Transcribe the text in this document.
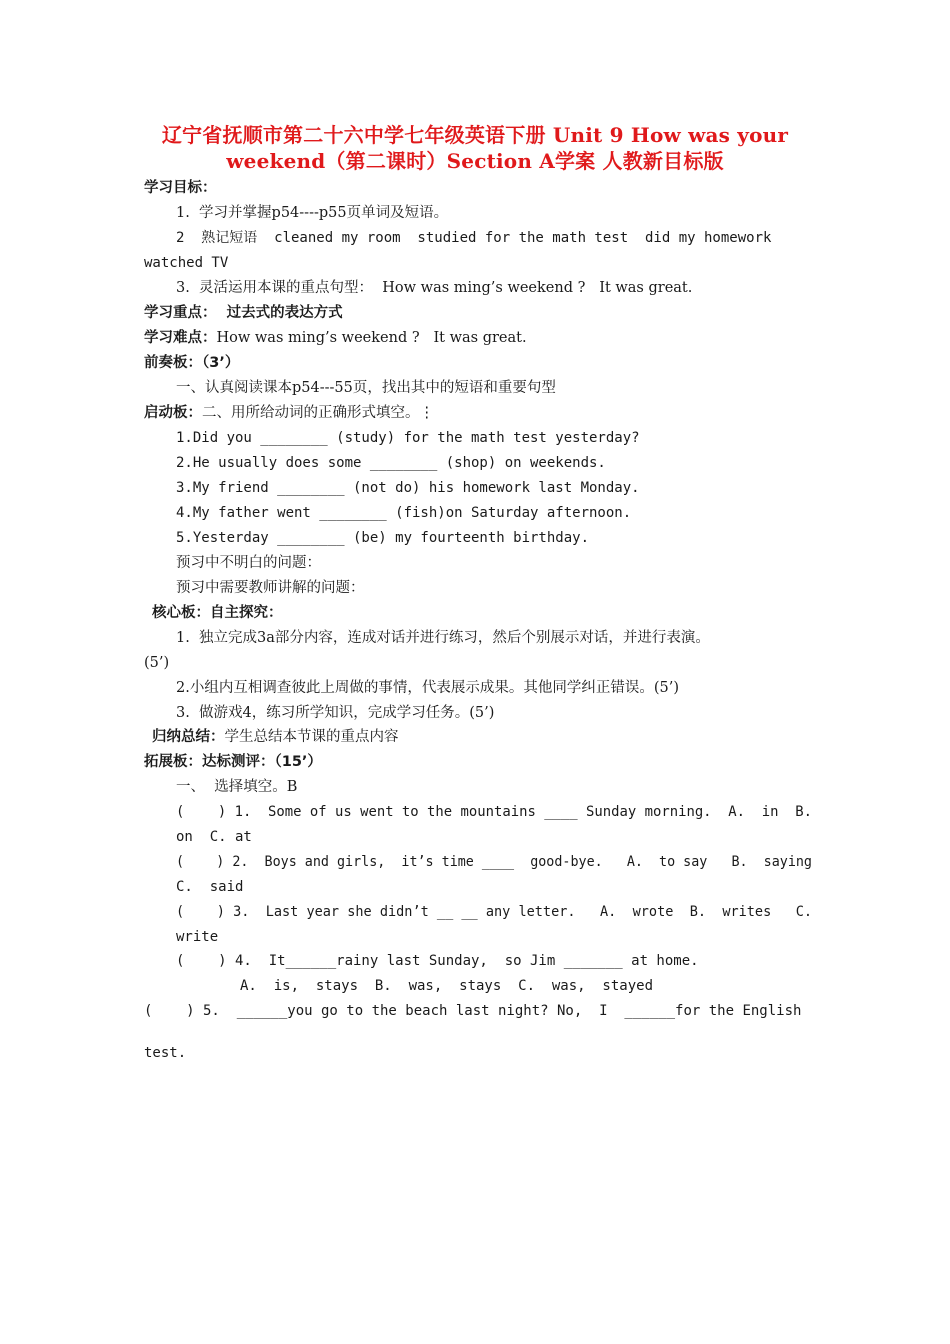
辽宁省抚顺市第二十六中学七年级英语下册 Unit 9 How was your
weekend（第二课时）Section A学案 人教新目标版
学习目标：
1.  学习并掌握p54----p55页单词及短语。
2  熟记短语  cleaned my room  studied for the math test  did my homework
watched TV
3.  灵活运用本课的重点句型：  How was ming’s weekend ?   It was great.
学习重点：  过去式的表达方式
学习难点：How was ming’s weekend ?   It was great.
前奏板：（3’）
一、认真阅读课本p54---55页，找出其中的短语和重要句型
启动板：二、用所给动词的正确形式填空。⋮
1.Did you ________ (study) for the math test yesterday?
2.He usually does some ________ (shop) on weekends.
3.My friend ________ (not do) his homework last Monday.
4.My father went ________ (fish)on Saturday afternoon.
5.Yesterday ________ (be) my fourteenth birthday.
预习中不明白的问题：
预习中需要教师讲解的问题：
核心板：自主探究：
1.  独立完成3a部分内容，连成对话并进行练习，然后个别展示对话，并进行表演。
(5’)
2.小组内互相调查彼此上周做的事情，代表展示成果。其他同学纠正错误。(5’)
3.  做游戏4，练习所学知识，完成学习任务。(5’)
归纳总结：学生总结本节课的重点内容
拓展板：达标测评：（15’）
一、  选择填空。B
(    ) 1.  Some of us went to the mountains ____ Sunday morning.  A.  in  B.
on  C. at
(    ) 2.  Boys and girls,  it’s time ____  good-bye.   A.  to say   B.  saying
C.  said
(    ) 3.  Last year she didn’t __ __ any letter.   A.  wrote  B.  writes   C.
write
(    ) 4.  It______rainy last Sunday,  so Jim _______ at home.
A.  is,  stays  B.  was,  stays  C.  was,  stayed
(    ) 5.  ______you go to the beach last night? No,  I  ______for the English
test.
